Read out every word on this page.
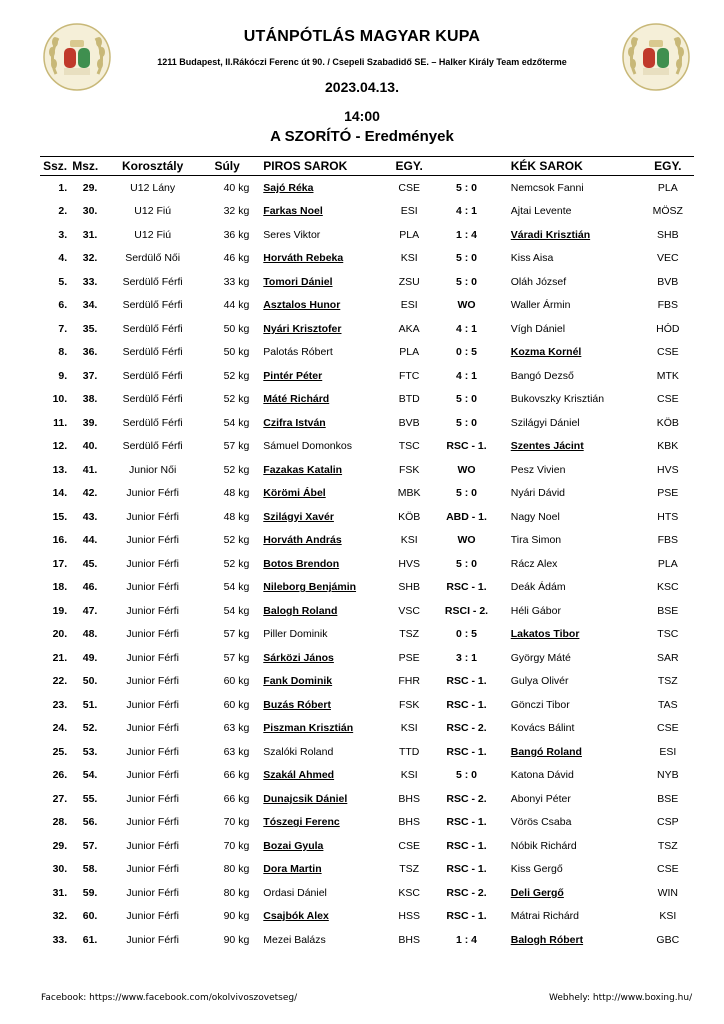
UTÁNPÓTLÁS MAGYAR KUPA
1211 Budapest, II.Rákóczi Ferenc út 90. / Csepeli Szabadidő SE. – Halker Király Team edzőterme
2023.04.13.
14:00
A SZORÍTÓ - Eredmények
Ssz.	Msz.	Korosztály	Súly	PIROS SAROK	EGY.		KÉK SAROK	EGY.
1.	29.	U12 Lány	40 kg	Sajó Réka	CSE	5 : 0	Nemcsok Fanni	PLA
2.	30.	U12 Fiú	32 kg	Farkas Noel	ESI	4 : 1	Ajtai Levente	MÖSZ
3.	31.	U12 Fiú	36 kg	Seres Viktor	PLA	1 : 4	Váradi Krisztián	SHB
4.	32.	Serdülő Női	46 kg	Horváth Rebeka	KSI	5 : 0	Kiss Aisa	VEC
5.	33.	Serdülő Férfi	33 kg	Tomori Dániel	ZSU	5 : 0	Oláh József	BVB
6.	34.	Serdülő Férfi	44 kg	Asztalos Hunor	ESI	WO	Waller Ármin	FBS
7.	35.	Serdülő Férfi	50 kg	Nyári Krisztofer	AKA	4 : 1	Vígh Dániel	HÓD
8.	36.	Serdülő Férfi	50 kg	Palotás Róbert	PLA	0 : 5	Kozma Kornél	CSE
9.	37.	Serdülő Férfi	52 kg	Pintér Péter	FTC	4 : 1	Bangó Dezső	MTK
10.	38.	Serdülő Férfi	52 kg	Máté Richárd	BTD	5 : 0	Bukovszky Krisztián	CSE
11.	39.	Serdülő Férfi	54 kg	Czifra István	BVB	5 : 0	Szilágyi Dániel	KÖB
12.	40.	Serdülő Férfi	57 kg	Sámuel Domonkos	TSC	RSC - 1.	Szentes Jácint	KBK
13.	41.	Junior Női	52 kg	Fazakas Katalin	FSK	WO	Pesz Vivien	HVS
14.	42.	Junior Férfi	48 kg	Körömi Ábel	MBK	5 : 0	Nyári Dávid	PSE
15.	43.	Junior Férfi	48 kg	Szilágyi Xavér	KÖB	ABD - 1.	Nagy Noel	HTS
16.	44.	Junior Férfi	52 kg	Horváth András	KSI	WO	Tira Simon	FBS
17.	45.	Junior Férfi	52 kg	Botos Brendon	HVS	5 : 0	Rácz Alex	PLA
18.	46.	Junior Férfi	54 kg	Nileborg Benjámin	SHB	RSC - 1.	Deák Ádám	KSC
19.	47.	Junior Férfi	54 kg	Balogh Roland	VSC	RSCI - 2.	Héli Gábor	BSE
20.	48.	Junior Férfi	57 kg	Piller Dominik	TSZ	0 : 5	Lakatos Tibor	TSC
21.	49.	Junior Férfi	57 kg	Sárközi János	PSE	3 : 1	György Máté	SAR
22.	50.	Junior Férfi	60 kg	Fank Dominik	FHR	RSC - 1.	Gulya Olivér	TSZ
23.	51.	Junior Férfi	60 kg	Buzás Róbert	FSK	RSC - 1.	Gönczi Tibor	TAS
24.	52.	Junior Férfi	63 kg	Piszman Krisztián	KSI	RSC - 2.	Kovács Bálint	CSE
25.	53.	Junior Férfi	63 kg	Szalóki Roland	TTD	RSC - 1.	Bangó Roland	ESI
26.	54.	Junior Férfi	66 kg	Szakál Ahmed	KSI	5 : 0	Katona Dávid	NYB
27.	55.	Junior Férfi	66 kg	Dunajcsik Dániel	BHS	RSC - 2.	Abonyi Péter	BSE
28.	56.	Junior Férfi	70 kg	Tószegi Ferenc	BHS	RSC - 1.	Vörös Csaba	CSP
29.	57.	Junior Férfi	70 kg	Bozai Gyula	CSE	RSC - 1.	Nóbik Richárd	TSZ
30.	58.	Junior Férfi	80 kg	Dora Martin	TSZ	RSC - 1.	Kiss Gergő	CSE
31.	59.	Junior Férfi	80 kg	Ordasi Dániel	KSC	RSC - 2.	Deli Gergő	WIN
32.	60.	Junior Férfi	90 kg	Csajbók Alex	HSS	RSC - 1.	Mátrai Richárd	KSI
33.	61.	Junior Férfi	90 kg	Mezei Balázs	BHS	1 : 4	Balogh Róbert	GBC
Facebook: https://www.facebook.com/okolvivoszovetseg/	Webhely: http://www.boxing.hu/
